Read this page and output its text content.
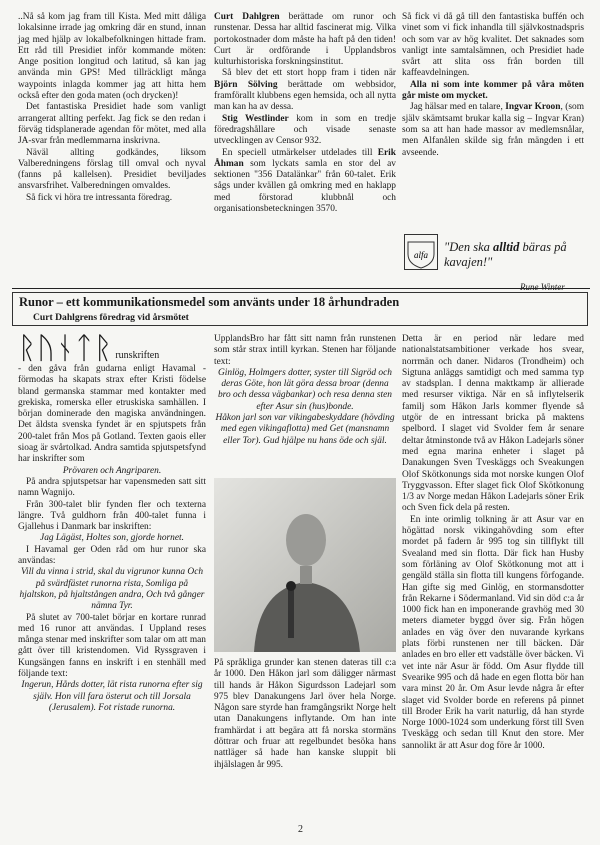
..Nå så kom jag fram till Kista. Med mitt dåliga lokalsinne irrade jag omkring där en stund, innan jag med hjälp av lokalbefolkningen hittade fram. Ett råd till Presidiet inför kommande möten: Ange position longitud och latitud, så kan jag använda min GPS! Med tillräckligt många waypoints inlagda kommer jag att hitta hem också efter den goda maten (och drycken)!

Det fantastiska Presidiet hade som vanligt arrangerat allting perfekt. Jag fick se den redan i förväg tidsplanerade agendan för mötet, med alla JA-svar från medlemmarna inskrivna.

Näväl allting godkändes, liksom Valberedningens förslag till omval och nyval (fanns på kallelsen). Presidiet beviljades ansvarsfrihet. Valberedningen omvaldes.

Så fick vi höra tre intressanta föredrag.

Curt Dahlgren berättade om runor och runstenar. Dessa har alltid fascinerat mig. Vilka portokostnader dom måste ha haft på den tiden! Curt är ordförande i Upplandsbros kulturhistoriska forskningsinstitut.

Så blev det ett stort hopp fram i tiden när Björn Sölving berättade om webbsidor, framförallt klubbens egen hemsida, och all nytta man kan ha av dessa.

Stig Westlinder kom in som en tredje föredragshållare och visade senaste utvecklingen av Censor 932.

En speciell utmärkelser utdelades till Erik Åhman som lyckats samla en stor del av sektionen "356 Datalänkar" från 60-talet. Erik sågs under kvällen gå omkring med en haklapp med förstorad klubbnål och organisationsbeteckningen 3570.

Så fick vi då gå till den fantastiska buffén och vinet som vi fick inhandla till självkostnadspris och som var av hög kvalitet. Det saknades som vanligt inte samtalsämnen, och Presidiet hade svårt att slita oss från borden till kaffeavdelningen.

Alla ni som inte kommer på våra möten går miste om mycket.

Jag hälsar med en talare, Ingvar Kroon, (som själv skämtsamt brukar kalla sig – Ingvar Kran) som sa att han hade massor av medlemsnålar, men Alfanålen skilde sig från mängden i ett avseende.

alfa
"Den ska alltid bäras på kavajen!"
Rune Winter
Runor – ett kommunikationsmedel som använts under 18 århundraden
Curt Dahlgrens föredrag vid årsmötet
ᚱᚢᚾᛏᚱ runskriften

- den gåva från gudarna enligt Havamal - förmodas ha skapats strax efter Kristi födelse bland germanska stammar med kontakter med grekiska, romerska eller etruskiska samhällen. I början dominerade den magiska användningen. Det äldsta svenska fyndet är en spjutspets från 200-talet från Mos på Gotland. Texten gaois eller sioag är svårtolkad. Andra samtida spjutspetsfynd har inskrifter som

Prövaren och Angriparen.

På andra spjutspetsar har vapensmeden satt sitt namn Wagnijo.

Från 300-talet blir fynden fler och texterna längre. Två guldhorn från 400-talet funna i Gjallehus i Danmark bar inskriften:

Jag Lägäst, Holtes son, gjorde hornet.

I Havamal ger Oden råd om hur runor ska användas:

Vill du vinna i strid, skal du vigrunor kunna Och på svärdfästet runorna rista, Somliga på hjaltskon, på hjaltstången andra, Och två gånger nämna Tyr.

På slutet av 700-talet börjar en kortare runrad med 16 runor att användas. I Uppland reses många stenar med inskrifter som talar om att man gått över till kristendomen. Vid Ryssgraven i Kungsängen fanns en inskrift i en stenhäll med följande text:

Ingerun, Hårds dotter, lät rista runorna efter sig själv. Hon vill fara österut och till Jorsala (Jerusalem). Fot ristade runorna.

UpplandsBro har fått sitt namn från runstenen som står strax intill kyrkan. Stenen har följande text:

Ginlög, Holmgers dotter, syster till Sigröd och deras Göte, hon lät göra dessa broar (denna bro och dessa vägbankar) och resa denna sten efter Asur sin (hus)bonde.

Håkon jarl son var vikingabeskyddare (hövding med egen vikingaflotta) med Get (mansnamn eller Tor). Gud hjälpe nu hans öde och själ.

På språkliga grunder kan stenen dateras till c:a år 1000. Den Håkon jarl som däligger närmast till hands är Håkon Sigurdsson Ladejarl som 975 blev Danakungens Jarl över hela Norge. Någon sare styrde han framgångsrikt Norge helt utan Danakungens inflytande. Om han inte framhärdat i att begära att få norska stormäns döttrar och fruar att regelbundet besöka hans nattläger så hade han kanske sluppit bli ihjälslagen år 995.

Detta är en period när ledare med nationalstatsambitioner verkade hos svear, norrmän och daner. Nidaros (Trondheim) och Sigtuna anläggs samtidigt och med samma typ av stadsplan. I denna maktkamp är allierade med resurser viktiga. När en så inflytelserik familj som Håkon Jarls kommer flyende så utgör de en intressant bricka på maktens spelbord. I slaget vid Svolder fem år senare deltar åtminstonde två av Håkon Ladejarls söner med egna marina enheter i slaget på Danakungen Sven Tveskäggs och Sveakungen Olof Skötkonungs sida mot norske kungen Olof Tryggvasson. Efter slaget fick Olof Skötkonung 1/3 av Norge medan Håkon Ladejarls söner Erik och Sven fick dela på resten.

En inte orimlig tolkning är att Asur var en högättad norsk vikingahövding som efter mordet på fadern år 995 tog sin tillflykt till Svealand med sin flotta. Där fick han Husby som förläning av Olof Skötkonung mot att i gengäld ställa sin flotta till kungens förfogande. Han gifte sig med Ginlög, en stormansdotter från Rekarne i Södermanland. Vid sin död c:a år 1000 fick han en imponerande gravhög med 30 meters diameter byggd över sig. Från högen anlades en väg över den nuvarande kyrkans plats förbi runstenen ner till bäcken. Där anlades en bro eller ett vadställe över bäcken. Vi vet inte när Asur är född. Om Asur flydde till Svearike 995 och då hade en egen flotta bör han vara minst 20 år. Om Asur levde några år efter slaget vid Svolder borde en referens på pinnet till Broder Erik ha varit naturlig, då han styrde Norge 1000-1024 som underkung först till Sven Tveskägg och sedan till Knut den store. Mer sannolikt är att Asur dog före år 1000.

2
